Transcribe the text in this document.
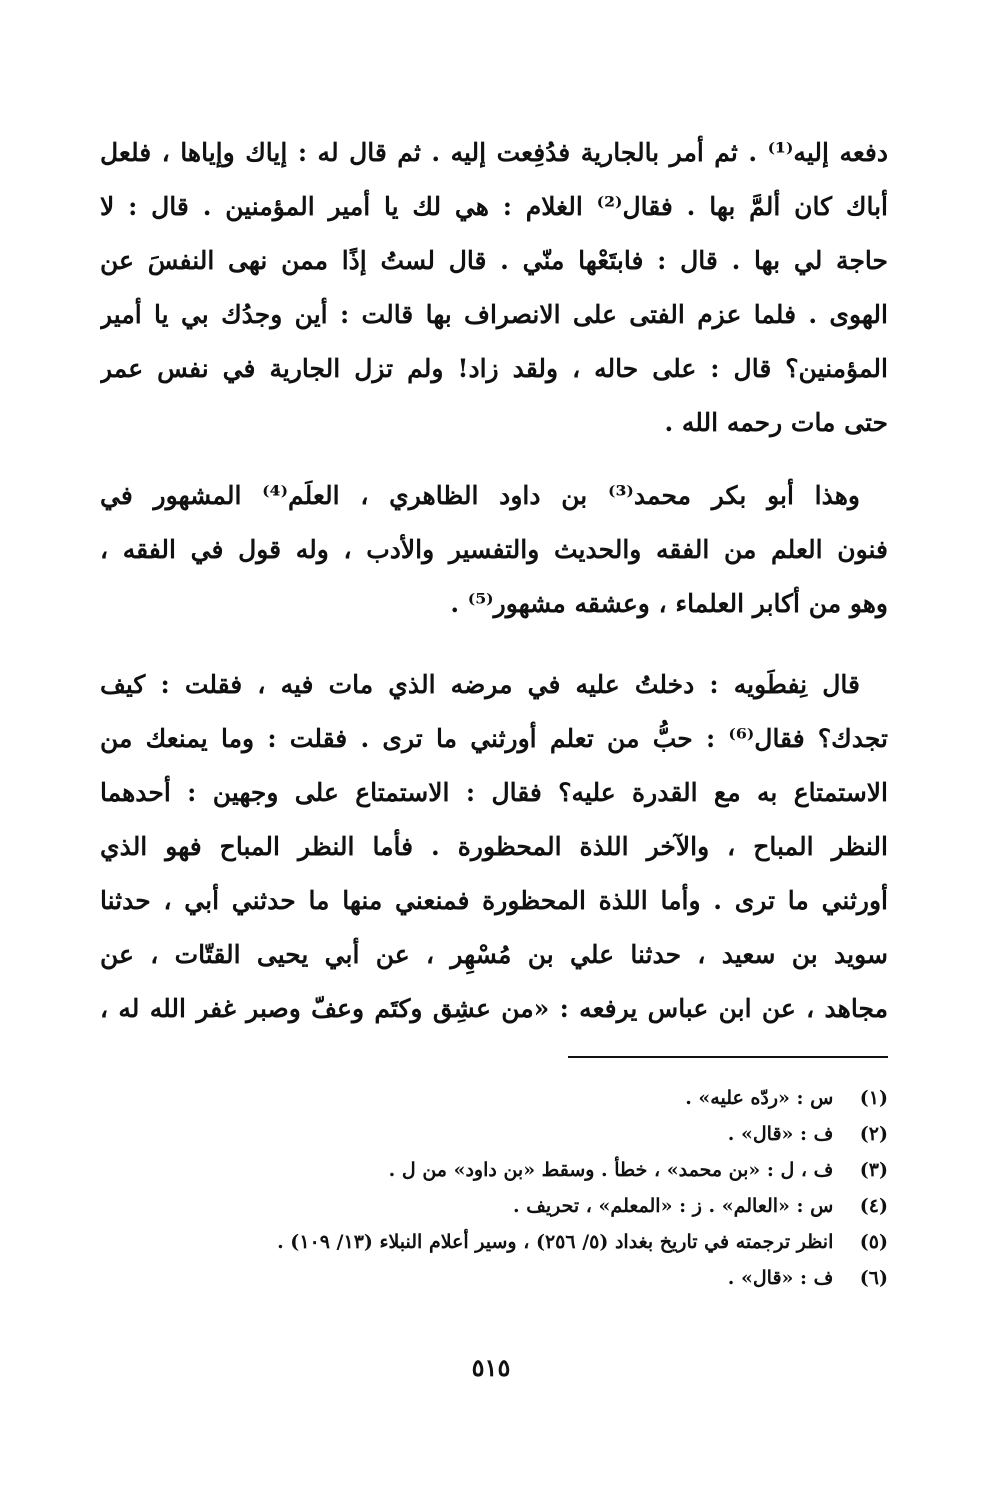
دفعه إليه⁽¹⁾ . ثم أمر بالجارية فدُفِعت إليه . ثم قال له : إياك وإياها ، فلعل
أباك كان ألمَّ بها . فقال⁽²⁾ الغلام : هي لك يا أمير المؤمنين . قال : لا
حاجة لي بها . قال : فابتَعْها منّي . قال لستُ إذًا ممن نهى النفسَ عن
الهوى . فلما عزم الفتى على الانصراف بها قالت : أين وجدُك بي يا أمير
المؤمنين؟ قال : على حاله ، ولقد زاد! ولم تزل الجارية في نفس عمر
حتى مات رحمه الله .
وهذا أبو بكر محمد⁽³⁾ بن داود الظاهري ، العلَم⁽⁴⁾ المشهور في
فنون العلم من الفقه والحديث والتفسير والأدب ، وله قول في الفقه ،
وهو من أكابر العلماء ، وعشقه مشهور⁽⁵⁾ .
قال نِفطَويه : دخلتُ عليه في مرضه الذي مات فيه ، فقلت : كيف
تجدك؟ فقال⁽⁶⁾ : حبُّ من تعلم أورثني ما ترى . فقلت : وما يمنعك من
الاستمتاع به مع القدرة عليه؟ فقال : الاستمتاع على وجهين : أحدهما
النظر المباح ، والآخر اللذة المحظورة . فأما النظر المباح فهو الذي
أورثني ما ترى . وأما اللذة المحظورة فمنعني منها ما حدثني أبي ، حدثنا
سويد بن سعيد ، حدثنا علي بن مُسْهِر ، عن أبي يحيى القتّات ، عن
مجاهد ، عن ابن عباس يرفعه : «من عشِق وكتَم وعفّ وصبر غفر الله له ،
(١) س : «ردّه عليه» .
(٢) ف : «قال» .
(٣) ف ، ل : «بن محمد» ، خطأ . وسقط «بن داود» من ل .
(٤) س : «العالم» . ز : «المعلم» ، تحريف .
(٥) انظر ترجمته في تاريخ بغداد (٥/ ٢٥٦) ، وسير أعلام النبلاء (١٣/ ١٠٩) .
(٦) ف : «قال» .
٥١٥
